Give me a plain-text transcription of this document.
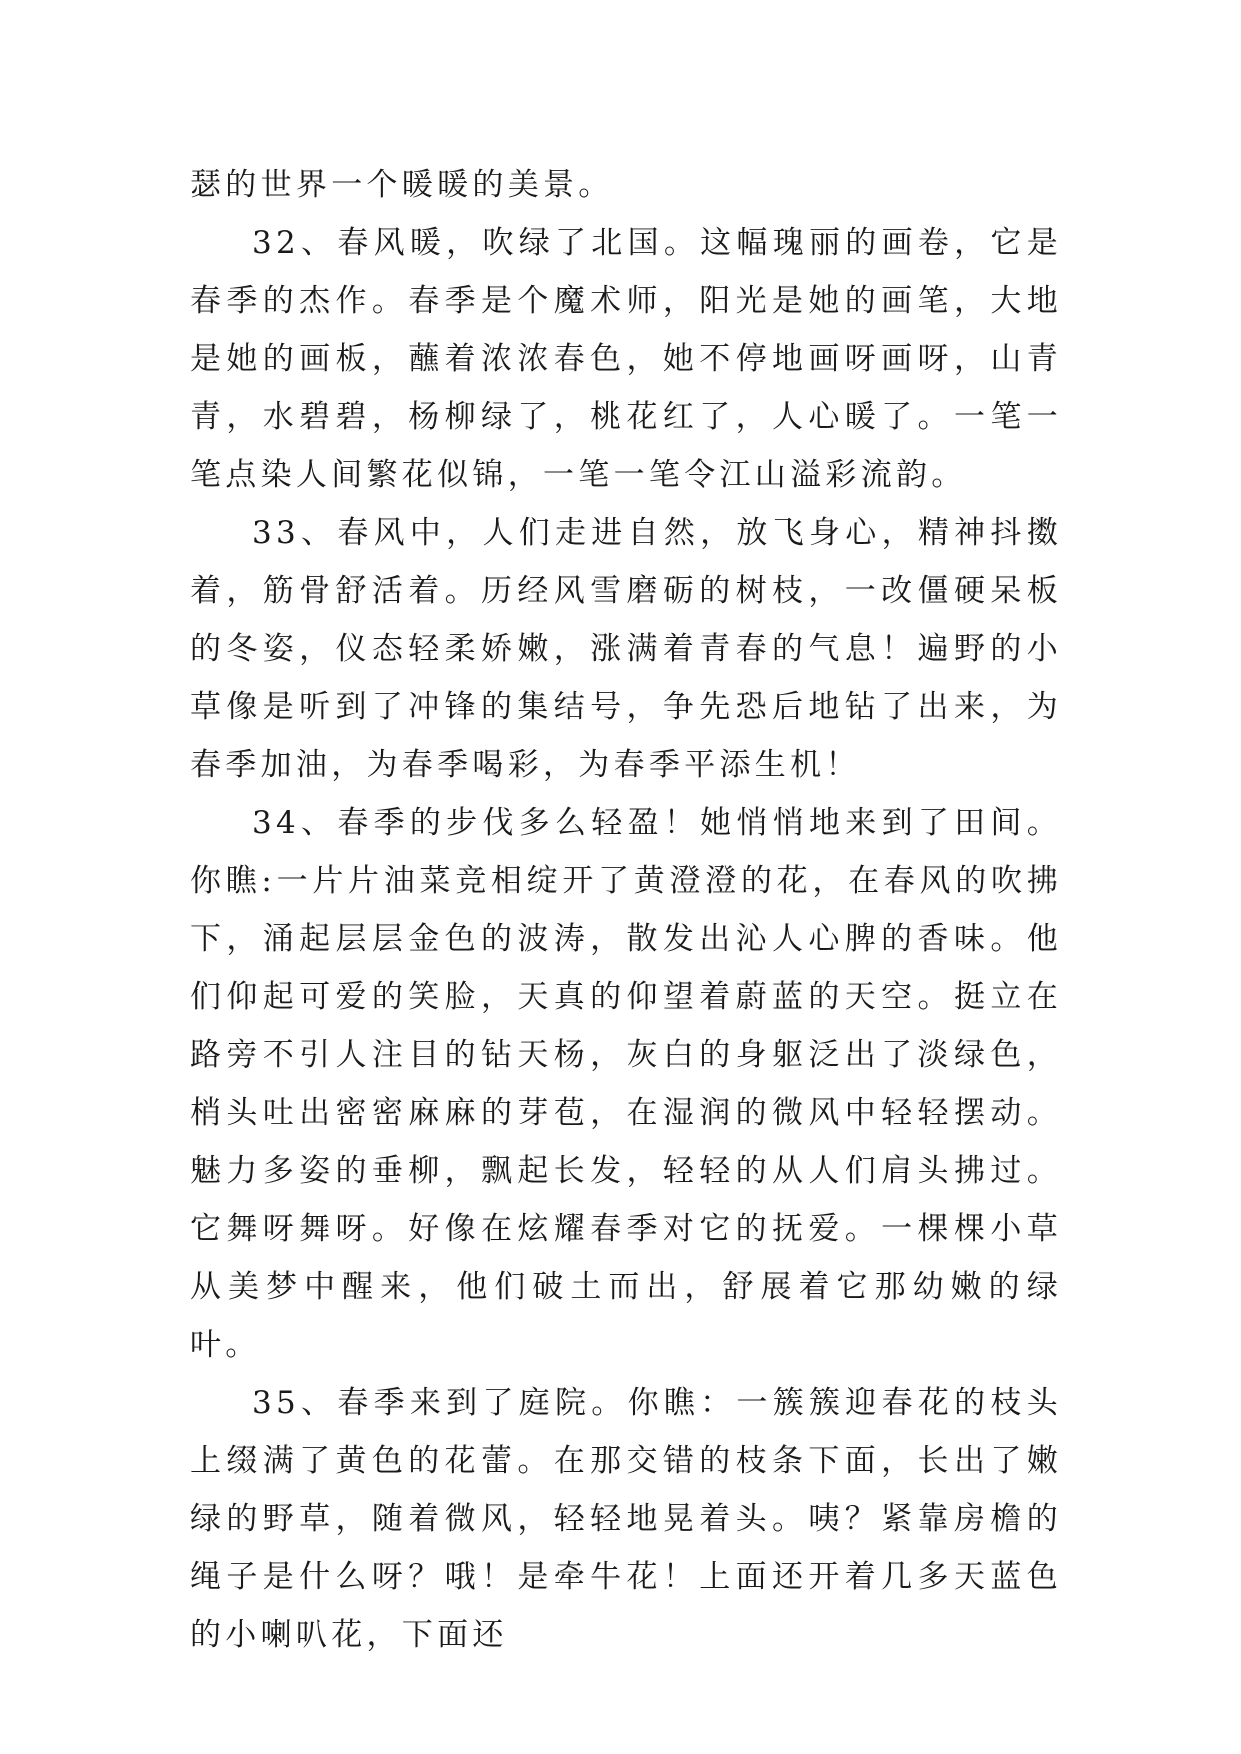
瑟的世界一个暖暖的美景。

32、春风暖，吹绿了北国。这幅瑰丽的画卷，它是春季的杰作。春季是个魔术师，阳光是她的画笔，大地是她的画板，蘸着浓浓春色，她不停地画呀画呀，山青青，水碧碧，杨柳绿了，桃花红了，人心暖了。一笔一笔点染人间繁花似锦，一笔一笔令江山溢彩流韵。

33、春风中，人们走进自然，放飞身心，精神抖擞着，筋骨舒活着。历经风雪磨砺的树枝，一改僵硬呆板的冬姿，仪态轻柔娇嫩，涨满着青春的气息！遍野的小草像是听到了冲锋的集结号，争先恐后地钻了出来，为春季加油，为春季喝彩，为春季平添生机！

34、春季的步伐多么轻盈！她悄悄地来到了田间。你瞧:一片片油菜竞相绽开了黄澄澄的花，在春风的吹拂下，涌起层层金色的波涛，散发出沁人心脾的香味。他们仰起可爱的笑脸，天真的仰望着蔚蓝的天空。挺立在路旁不引人注目的钻天杨，灰白的身躯泛出了淡绿色，梢头吐出密密麻麻的芽苞，在湿润的微风中轻轻摆动。魅力多姿的垂柳，飘起长发，轻轻的从人们肩头拂过。它舞呀舞呀。好像在炫耀春季对它的抚爱。一棵棵小草从美梦中醒来，他们破土而出，舒展着它那幼嫩的绿叶。

35、春季来到了庭院。你瞧：一簇簇迎春花的枝头上缀满了黄色的花蕾。在那交错的枝条下面，长出了嫩绿的野草，随着微风，轻轻地晃着头。咦？紧靠房檐的绳子是什么呀？哦！是牵牛花！上面还开着几多天蓝色的小喇叭花，下面还
